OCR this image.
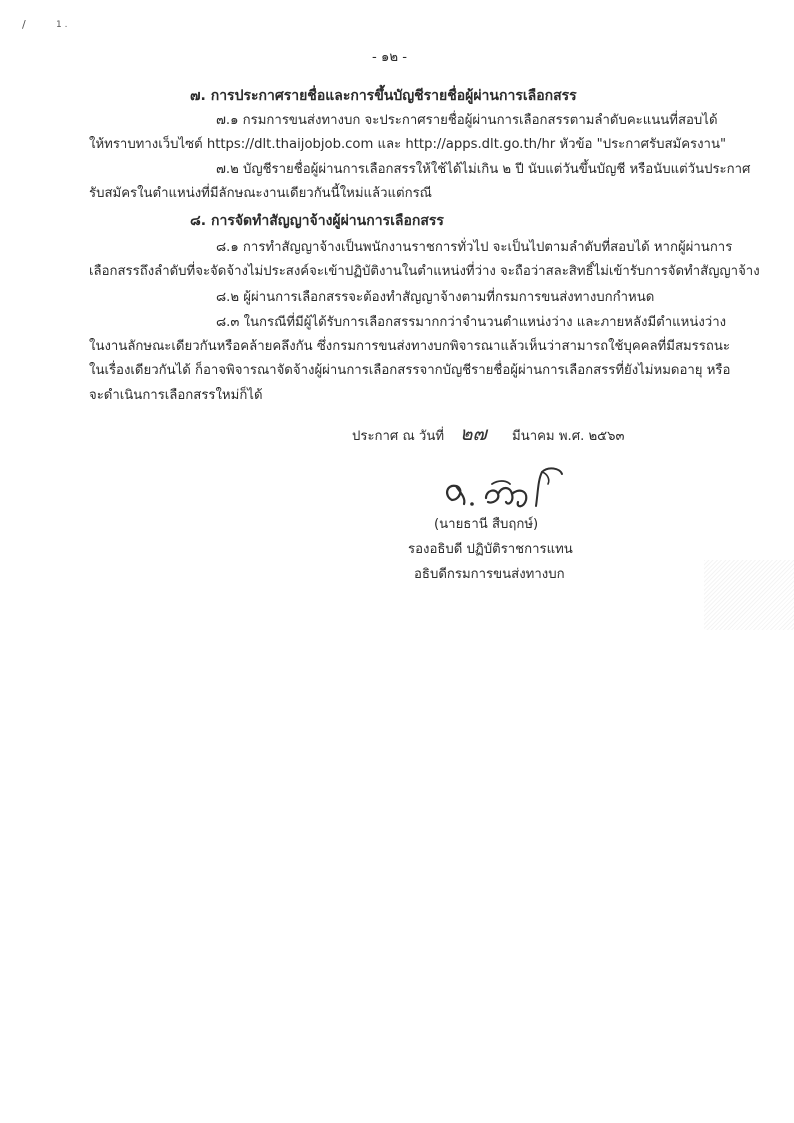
/	1 .
- ๑๒ -
๗. การประกาศรายชื่อและการขึ้นบัญชีรายชื่อผู้ผ่านการเลือกสรร
๗.๑ กรมการขนส่งทางบก จะประกาศรายชื่อผู้ผ่านการเลือกสรรตามลำดับคะแนนที่สอบได้
ให้ทราบทางเว็บไซต์ https://dlt.thaijobjob.com และ http://apps.dlt.go.th/hr หัวข้อ "ประกาศรับสมัครงาน"
๗.๒ บัญชีรายชื่อผู้ผ่านการเลือกสรรให้ใช้ได้ไม่เกิน ๒ ปี นับแต่วันขึ้นบัญชี หรือนับแต่วันประกาศ
รับสมัครในตำแหน่งที่มีลักษณะงานเดียวกันนี้ใหม่แล้วแต่กรณี
๘. การจัดทำสัญญาจ้างผู้ผ่านการเลือกสรร
๘.๑ การทำสัญญาจ้างเป็นพนักงานราชการทั่วไป จะเป็นไปตามลำดับที่สอบได้ หากผู้ผ่านการ
เลือกสรรถึงลำดับที่จะจัดจ้างไม่ประสงค์จะเข้าปฏิบัติงานในตำแหน่งที่ว่าง จะถือว่าสละสิทธิ์ไม่เข้ารับการจัดทำสัญญาจ้าง
๘.๒ ผู้ผ่านการเลือกสรรจะต้องทำสัญญาจ้างตามที่กรมการขนส่งทางบกกำหนด
๘.๓ ในกรณีที่มีผู้ได้รับการเลือกสรรมากกว่าจำนวนตำแหน่งว่าง และภายหลังมีตำแหน่งว่าง
ในงานลักษณะเดียวกันหรือคล้ายคลึงกัน ซึ่งกรมการขนส่งทางบกพิจารณาแล้วเห็นว่าสามารถใช้บุคคลที่มีสมรรถนะ
ในเรื่องเดียวกันได้ ก็อาจพิจารณาจัดจ้างผู้ผ่านการเลือกสรรจากบัญชีรายชื่อผู้ผ่านการเลือกสรรที่ยังไม่หมดอายุ หรือ
จะดำเนินการเลือกสรรใหม่ก็ได้
ประกาศ ณ วันที่ ๒๗ มีนาคม พ.ศ. ๒๕๖๓
(นายธานี สืบฤกษ์)
รองอธิบดี ปฏิบัติราชการแทน
อธิบดีกรมการขนส่งทางบก
